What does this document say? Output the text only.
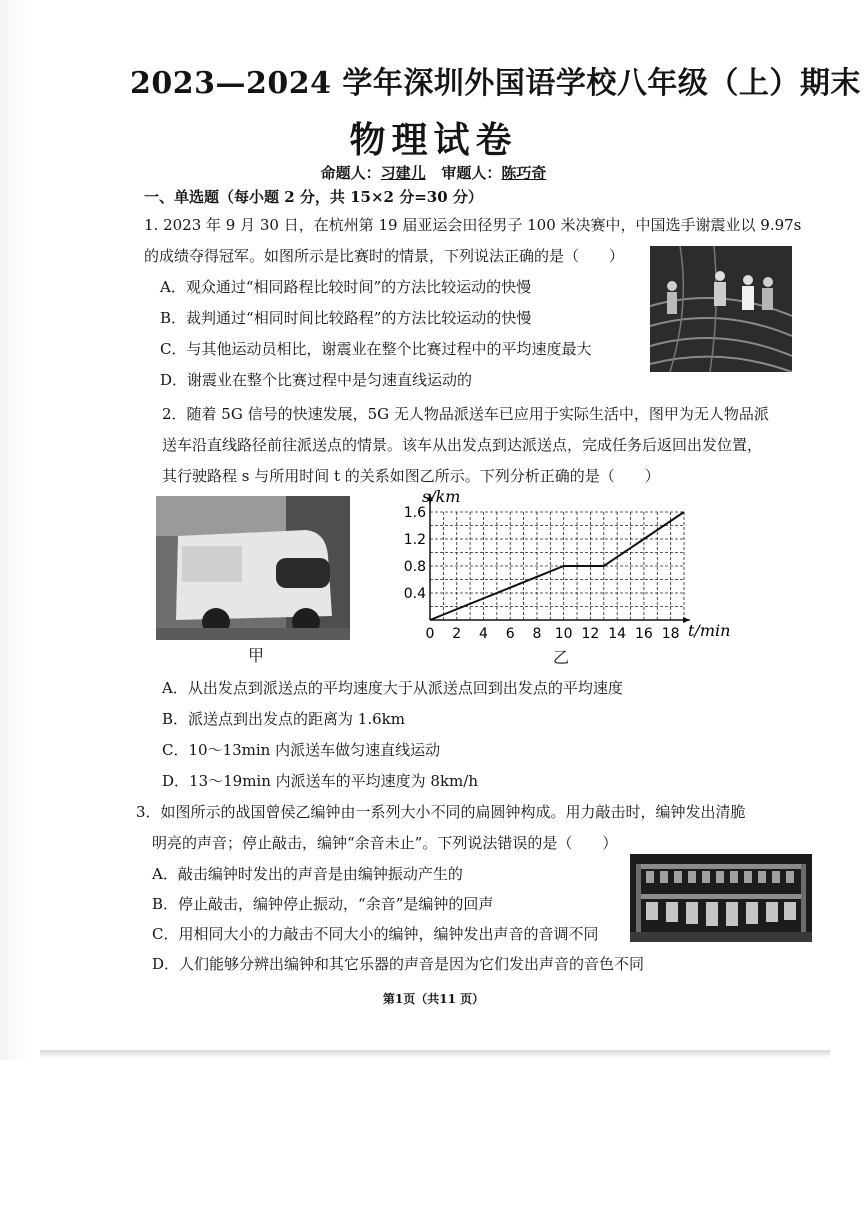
2023—2024 学年深圳外国语学校八年级（上）期末
物理试卷
命题人：习建儿 审题人：陈巧奇
一、单选题（每小题 2 分，共 15×2 分=30 分）
1. 2023 年 9 月 30 日，在杭州第 19 届亚运会田径男子 100 米决赛中，中国选手谢震业以 9.97s
的成绩夺得冠军。如图所示是比赛时的情景，下列说法正确的是（　　）
A．观众通过“相同路程比较时间”的方法比较运动的快慢
B．裁判通过“相同时间比较路程”的方法比较运动的快慢
C．与其他运动员相比，谢震业在整个比赛过程中的平均速度最大
D．谢震业在整个比赛过程中是匀速直线运动的
2．随着 5G 信号的快速发展，5G 无人物品派送车已应用于实际生活中，图甲为无人物品派
送车沿直线路径前往派送点的情景。该车从出发点到达派送点，完成任务后返回出发位置，
其行驶路程 s 与所用时间 t 的关系如图乙所示。下列分析正确的是（　　）
甲
0 2 4 6 8 10 12 14 16 18
0.4
0.8
1.2
1.6
s/km
t/min
乙
A．从出发点到派送点的平均速度大于从派送点回到出发点的平均速度
B．派送点到出发点的距离为 1.6km
C．10～13min 内派送车做匀速直线运动
D．13～19min 内派送车的平均速度为 8km/h
3．如图所示的战国曾侯乙编钟由一系列大小不同的扁圆钟构成。用力敲击时，编钟发出清脆
明亮的声音；停止敲击，编钟“余音未止”。下列说法错误的是（　　）
A．敲击编钟时发出的声音是由编钟振动产生的
B．停止敲击，编钟停止振动，“余音”是编钟的回声
C．用相同大小的力敲击不同大小的编钟，编钟发出声音的音调不同
D．人们能够分辨出编钟和其它乐器的声音是因为它们发出声音的音色不同
第1页（共11 页）
